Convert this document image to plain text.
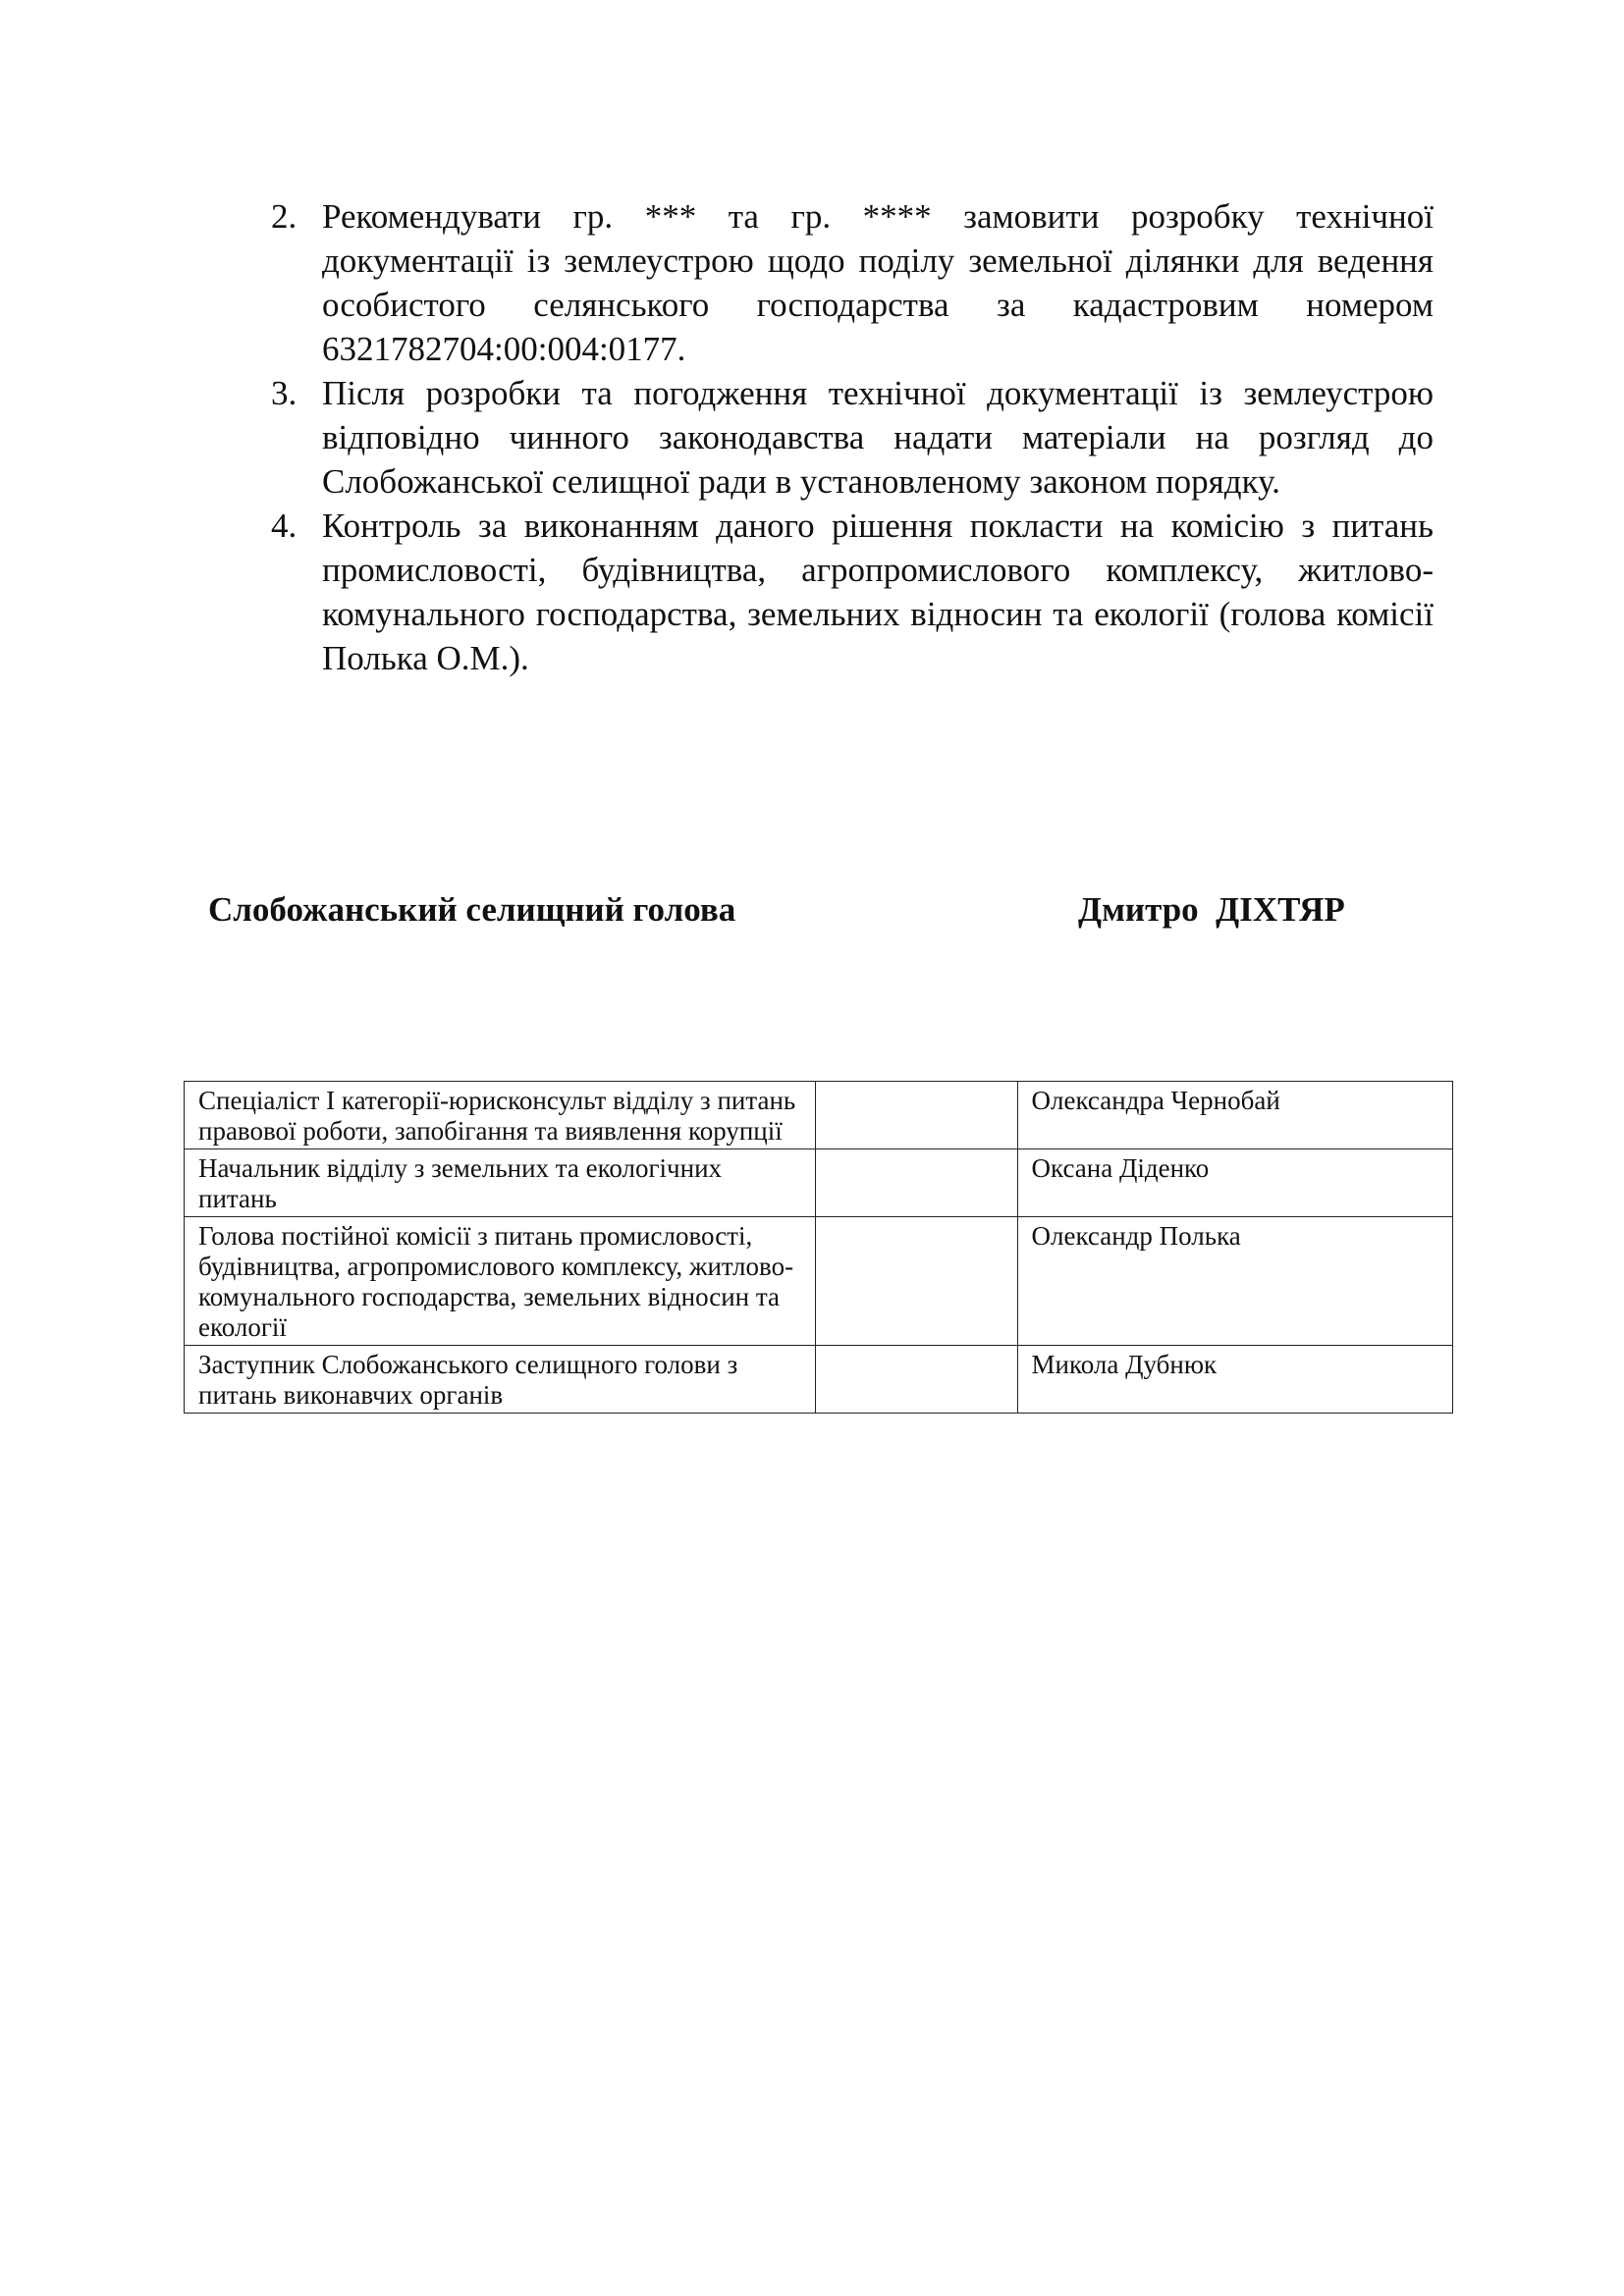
2. Рекомендувати гр. *** та гр. **** замовити розробку технічної документації із землеустрою щодо поділу земельної ділянки для ведення особистого селянського господарства за кадастровим номером 6321782704:00:004:0177.
3. Після розробки та погодження технічної документації із землеустрою відповідно чинного законодавства надати матеріали на розгляд до Слобожанської селищної ради в установленому законом порядку.
4. Контроль за виконанням даного рішення покласти на комісію з питань промисловості, будівництва, агропромислового комплексу, житлово-комунального господарства, земельних відносин та екології (голова комісії Полька О.М.).
Слобожанський селищний голова	Дмитро  ДІХТЯР
Спеціаліст І категорії-юрисконсульт відділу з питань правової роботи, запобігання та виявлення корупції		Олександра Чернобай
Начальник відділу з земельних та екологічних питань		Оксана Діденко
Голова постійної комісії з питань промисловості, будівництва, агропромислового комплексу, житлово-комунального господарства, земельних відносин та екології		Олександр Полька
Заступник Слобожанського селищного голови з питань виконавчих органів		Микола Дубнюк
